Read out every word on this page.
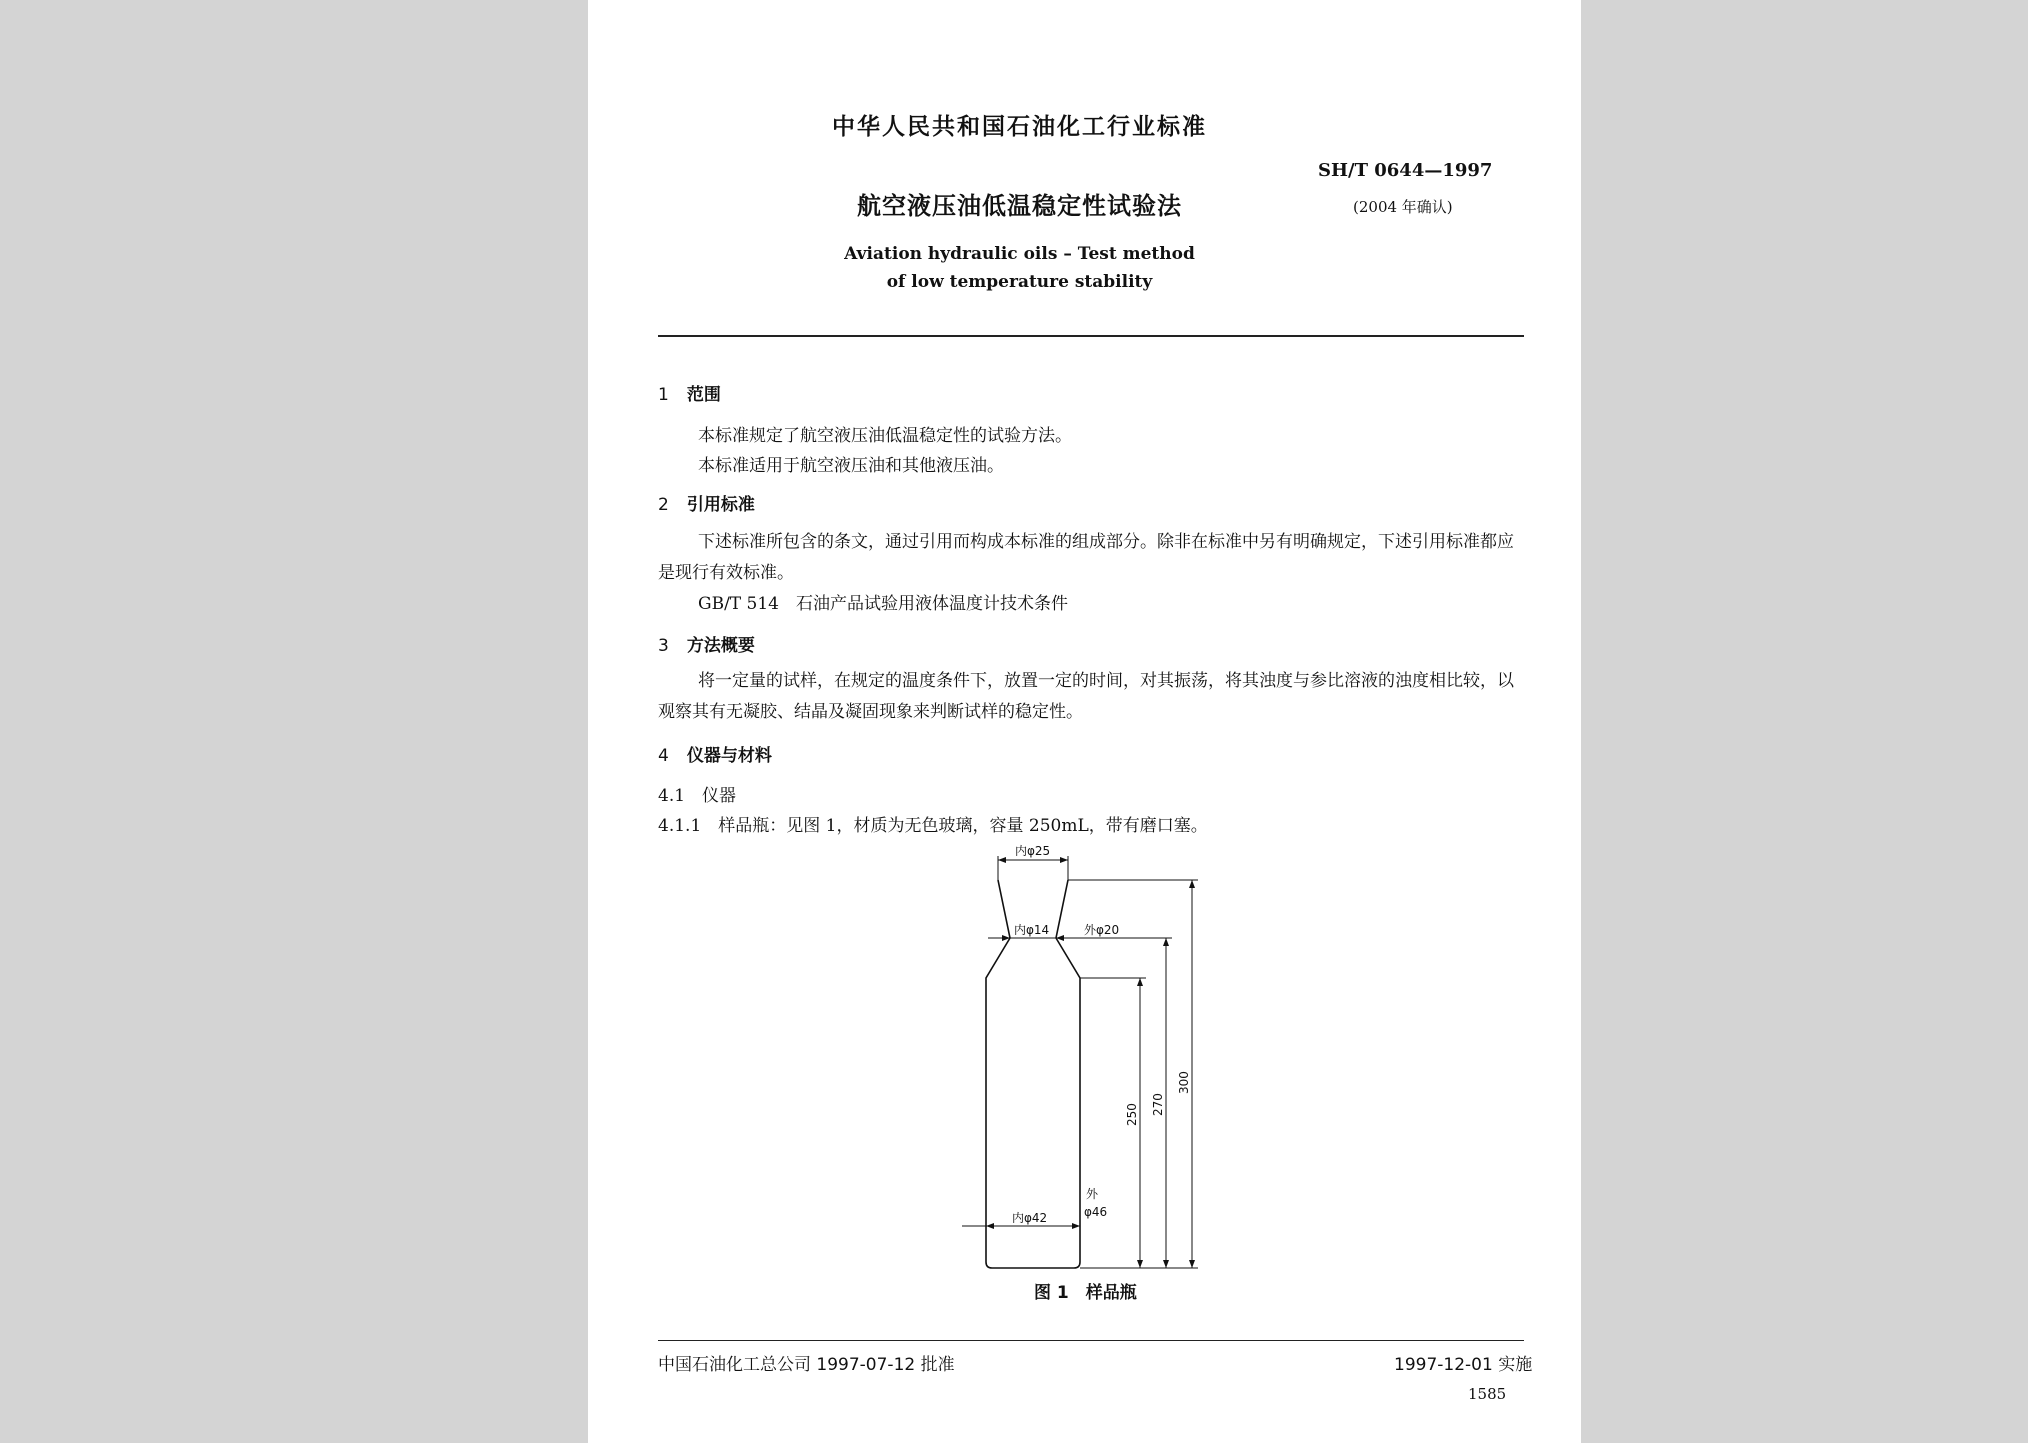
中华人民共和国石油化工行业标准
SH/T 0644—1997
(2004 年确认)
航空液压油低温稳定性试验法
Aviation hydraulic oils – Test method
of low temperature stability
1 范围
本标准规定了航空液压油低温稳定性的试验方法。
本标准适用于航空液压油和其他液压油。
2 引用标准
下述标准所包含的条文，通过引用而构成本标准的组成部分。除非在标准中另有明确规定，下述引用标准都应是现行有效标准。
GB/T 514　石油产品试验用液体温度计技术条件
3 方法概要
将一定量的试样，在规定的温度条件下，放置一定的时间，对其振荡，将其浊度与参比溶液的浊度相比较，以观察其有无凝胶、结晶及凝固现象来判断试样的稳定性。
4 仪器与材料
4.1　仪器
4.1.1　样品瓶：见图 1，材质为无色玻璃，容量 250mL，带有磨口塞。
内φ25
内φ14	外φ20
内φ42
外
φ46
250 270
300
图 1　样品瓶
中国石油化工总公司 1997-07-12 批准	1997-12-01 实施
1585
